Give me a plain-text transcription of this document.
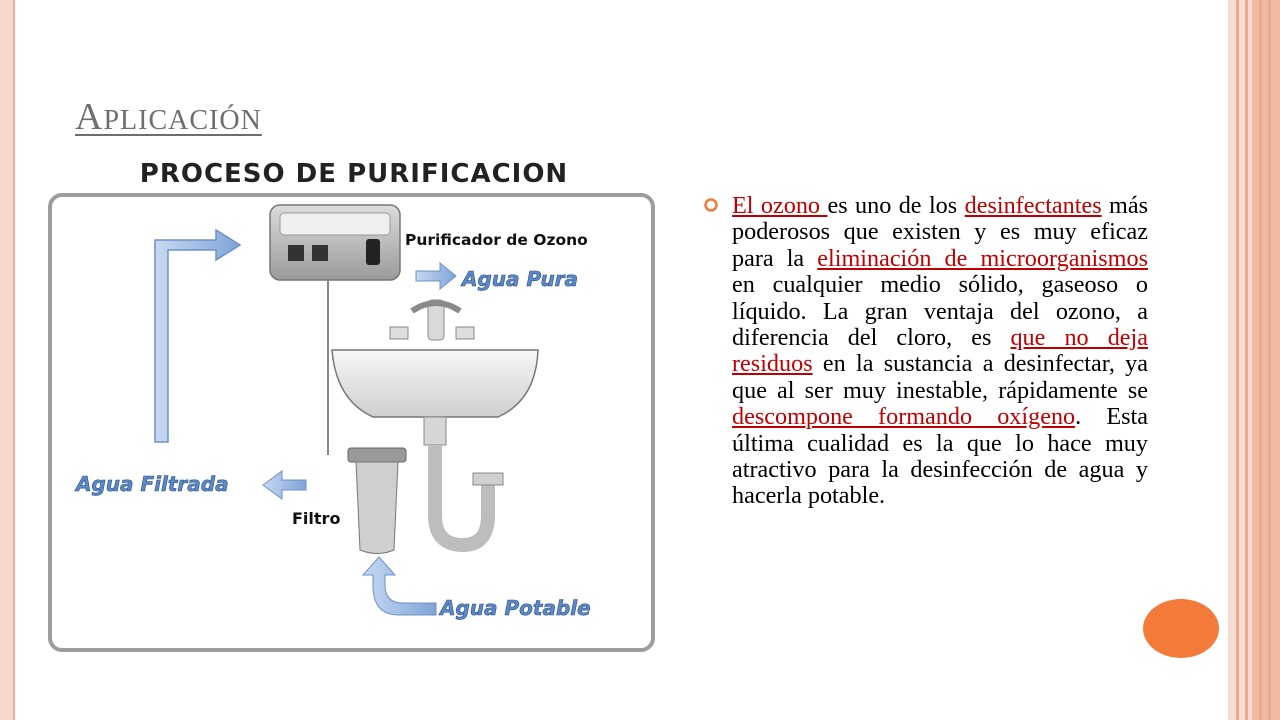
APLICACIÓN
PROCESO DE PURIFICACION
Purificador de Ozono
Agua Pura
Agua Filtrada
Filtro
Agua Potable

El ozono es uno de los desinfectantes más poderosos que existen y es muy eficaz para la eliminación de microorganismos en cualquier medio sólido, gaseoso o líquido. La gran ventaja del ozono, a diferencia del cloro, es que no deja residuos en la sustancia a desinfectar, ya que al ser muy inestable, rápidamente se descompone formando oxígeno. Esta última cualidad es la que lo hace muy atractivo para la desinfección de agua y hacerla potable.
